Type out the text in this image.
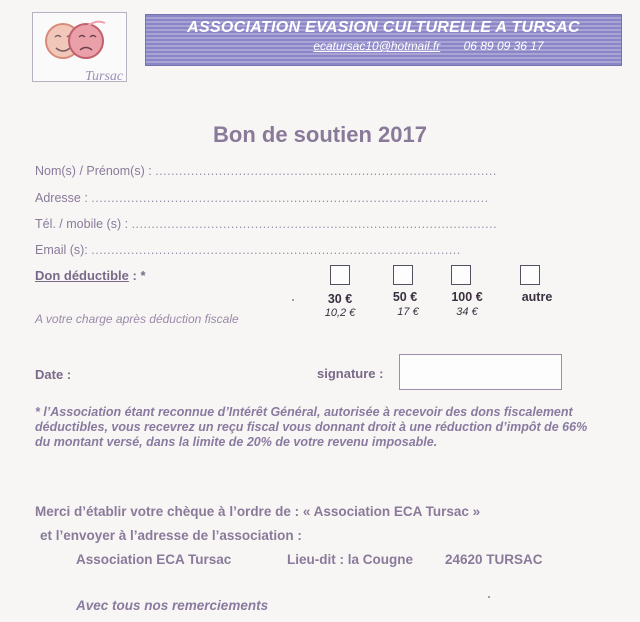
Tursac
ASSOCIATION EVASION CULTURELLE A TURSAC
ecatursac10@hotmail.fr 06 89 09 36 17
Bon de soutien 2017
Nom(s) / Prénom(s) : ......................................................................................
Adresse : ....................................................................................................
Tél. / mobile (s) : ............................................................................................
Email (s): .............................................................................................
Don déductible : *
30 €	50 €	100 €	autre
10,2 €	17 €	34 €
A votre charge après déduction fiscale
Date :	signature :
* l’Association étant reconnue d’Intérêt Général, autorisée à recevoir des dons fiscalement déductibles, vous recevrez un reçu fiscal vous donnant droit à une réduction d’impôt de 66% du montant versé, dans la limite de 20% de votre revenu imposable.
Merci d’établir votre chèque à l’ordre de : « Association ECA Tursac »
et l’envoyer à l’adresse de l’association :
Association ECA Tursac	Lieu-dit : la Cougne 24620 TURSAC
Avec tous nos remerciements
